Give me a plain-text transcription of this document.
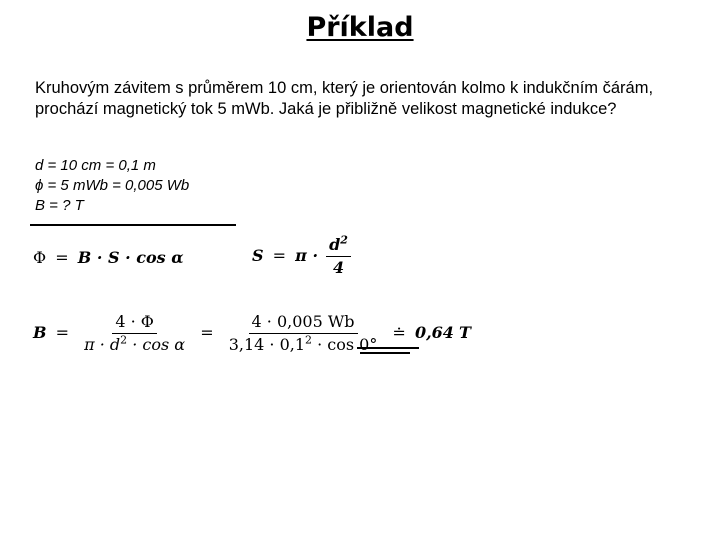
Příklad
Kruhovým závitem s průměrem 10 cm, který je orientován kolmo k indukčním čárám, prochází magnetický tok 5 mWb. Jaká je přibližně velikost magnetické indukce?
d = 10 cm = 0,1 m
ϕ = 5 mWb = 0,005 Wb
B = ? T
Φ = B · S · cos α	$S = \pi \cdot \frac{d^2}{4}$
$B = \frac{4 \cdot \Phi}{\pi \cdot d^2 \cdot \cos \alpha} = \frac{4 \cdot 0,005 Wb}{3,14 \cdot 0,1^2 \cdot \cos 0^\circ}$ ≐ 0,64 T
